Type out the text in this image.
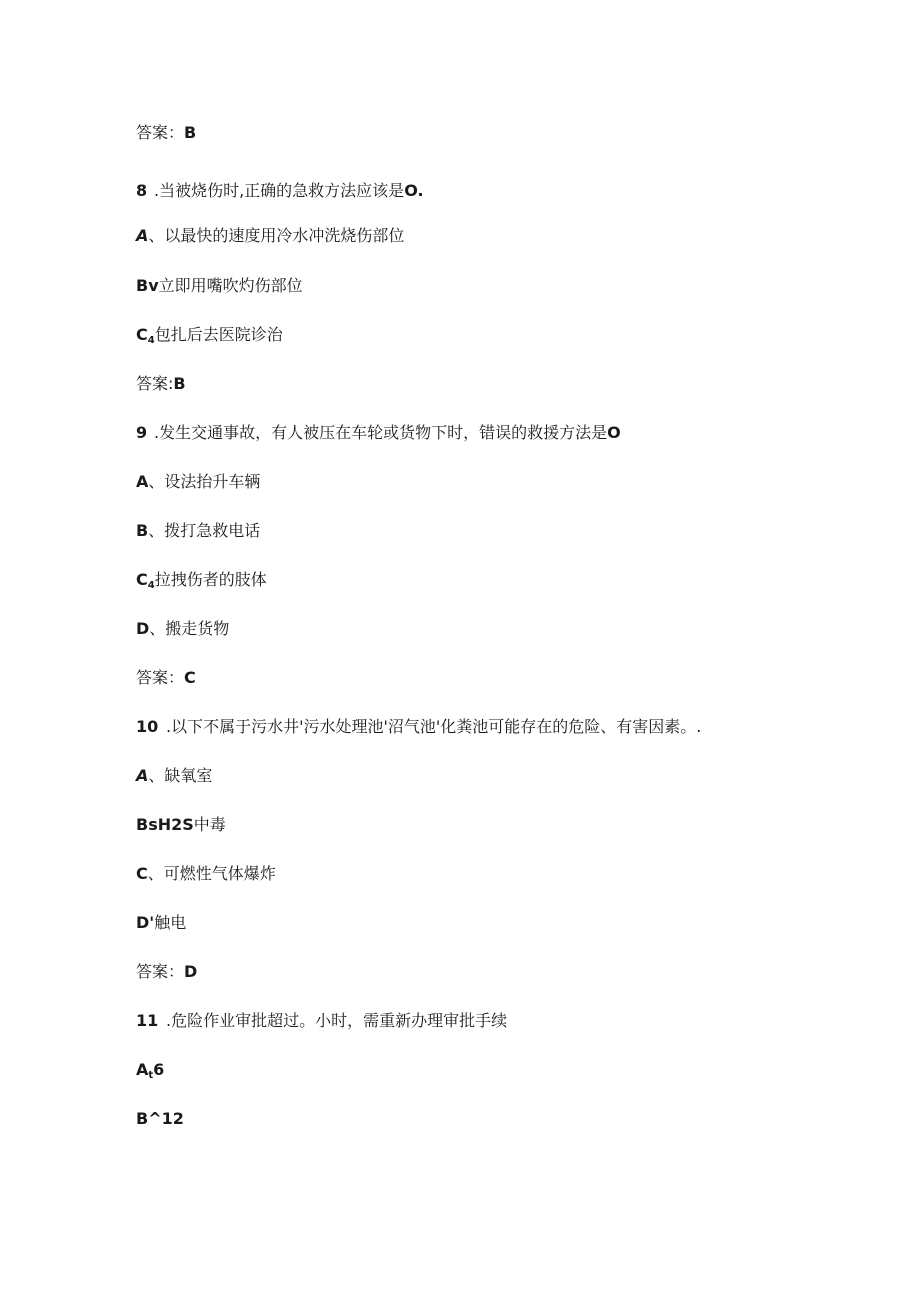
答案：B
8 .当被烧伤时,正确的急救方法应该是O.
A、以最快的速度用冷水冲洗烧伤部位
Bv立即用嘴吹灼伤部位
$C_4$包扎后去医院诊治
答案:B
9 .发生交通事故，有人被压在车轮或货物下时，错误的救援方法是O
A、设法抬升车辆
B、拨打急救电话
$C_4$拉拽伤者的肢体
D、搬走货物
答案：C
10 .以下不属于污水井'污水处理池'沼气池'化粪池可能存在的危险、有害因素。.
A、缺氧室
BsH2S中毒
C、可燃性气体爆炸
D'触电
答案：D
11 .危险作业审批超过。小时，需重新办理审批手续
$A_t6$
B^12
